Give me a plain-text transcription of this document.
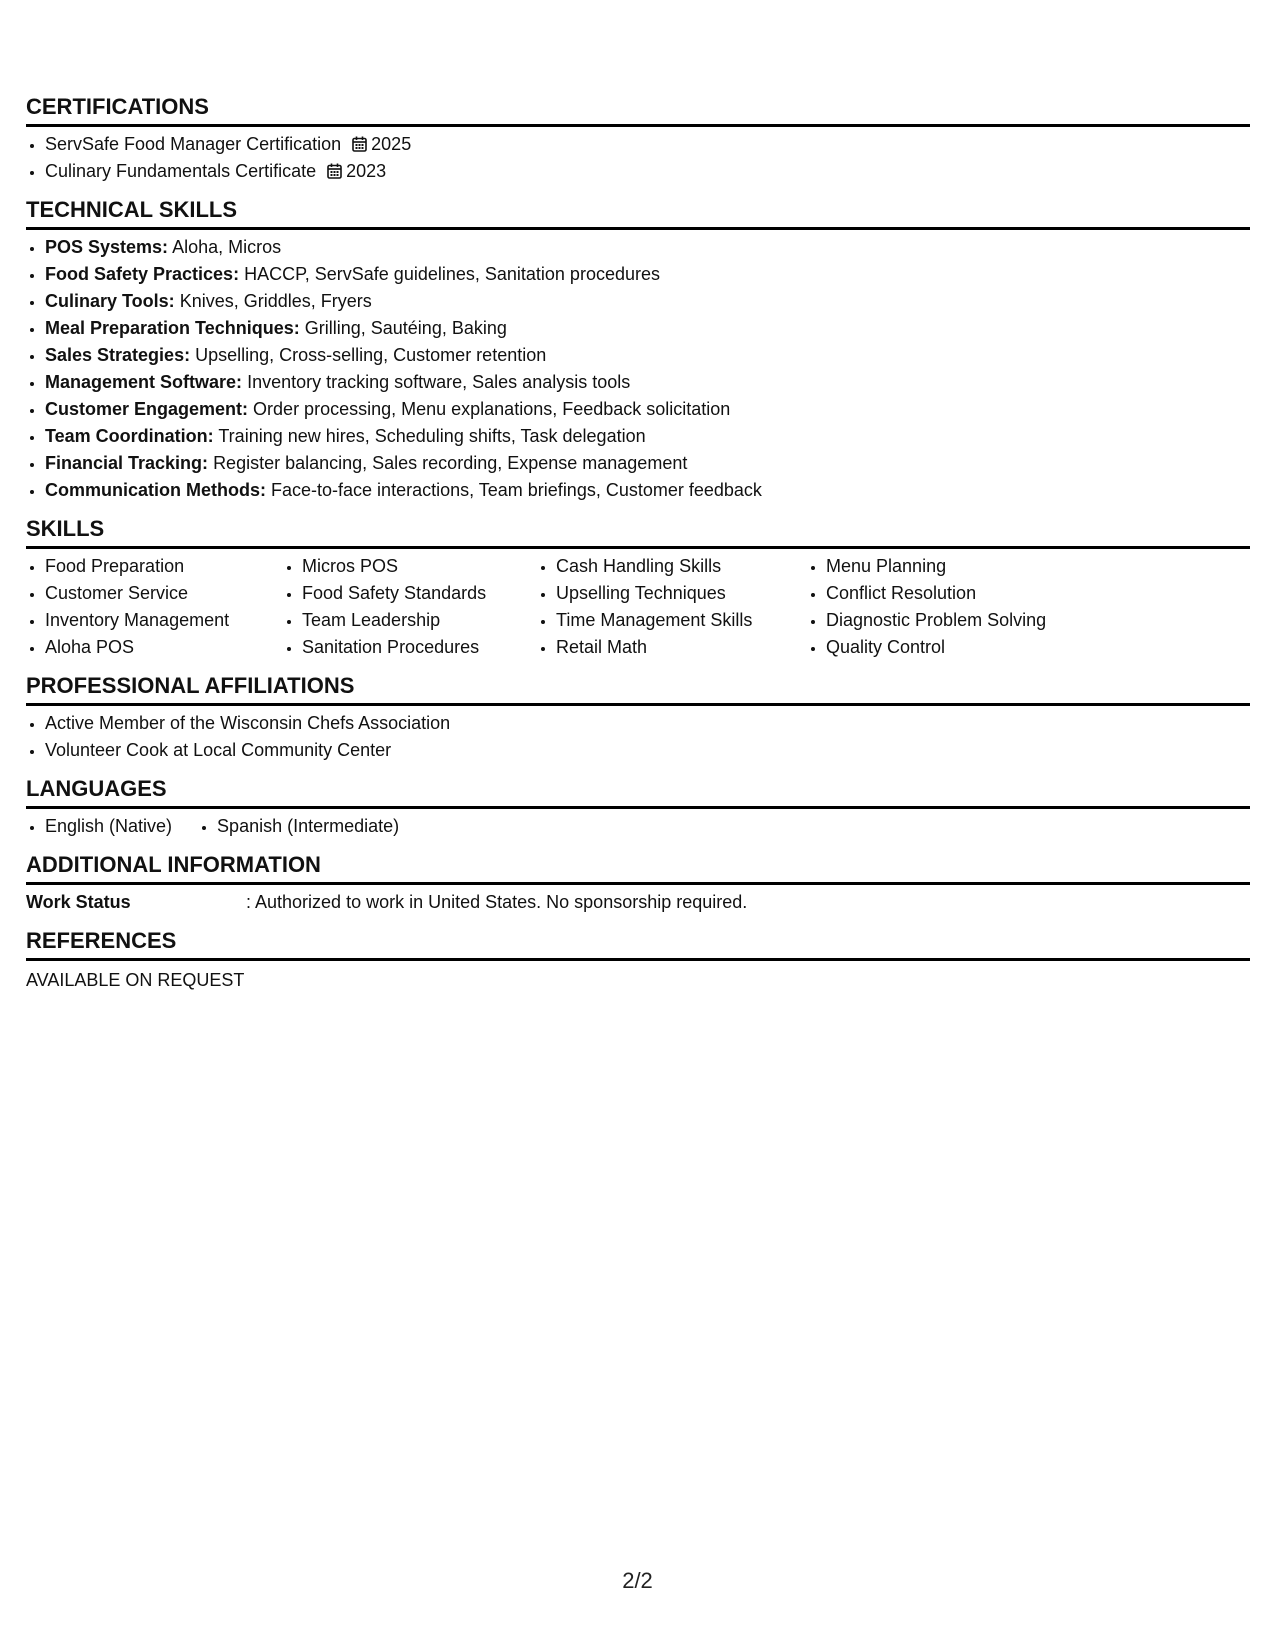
CERTIFICATIONS
• ServSafe Food Manager Certification 2025
• Culinary Fundamentals Certificate 2023
TECHNICAL SKILLS
• POS Systems: Aloha, Micros
• Food Safety Practices: HACCP, ServSafe guidelines, Sanitation procedures
• Culinary Tools: Knives, Griddles, Fryers
• Meal Preparation Techniques: Grilling, Sautéing, Baking
• Sales Strategies: Upselling, Cross-selling, Customer retention
• Management Software: Inventory tracking software, Sales analysis tools
• Customer Engagement: Order processing, Menu explanations, Feedback solicitation
• Team Coordination: Training new hires, Scheduling shifts, Task delegation
• Financial Tracking: Register balancing, Sales recording, Expense management
• Communication Methods: Face-to-face interactions, Team briefings, Customer feedback
SKILLS
• Food Preparation
• Customer Service
• Inventory Management
• Aloha POS
• Micros POS
• Food Safety Standards
• Team Leadership
• Sanitation Procedures
• Cash Handling Skills
• Upselling Techniques
• Time Management Skills
• Retail Math
• Menu Planning
• Conflict Resolution
• Diagnostic Problem Solving
• Quality Control
PROFESSIONAL AFFILIATIONS
• Active Member of the Wisconsin Chefs Association
• Volunteer Cook at Local Community Center
LANGUAGES
• English (Native)
•	Spanish (Intermediate)
ADDITIONAL INFORMATION
Work Status	: Authorized to work in United States. No sponsorship required.
REFERENCES
AVAILABLE ON REQUEST
2/2
